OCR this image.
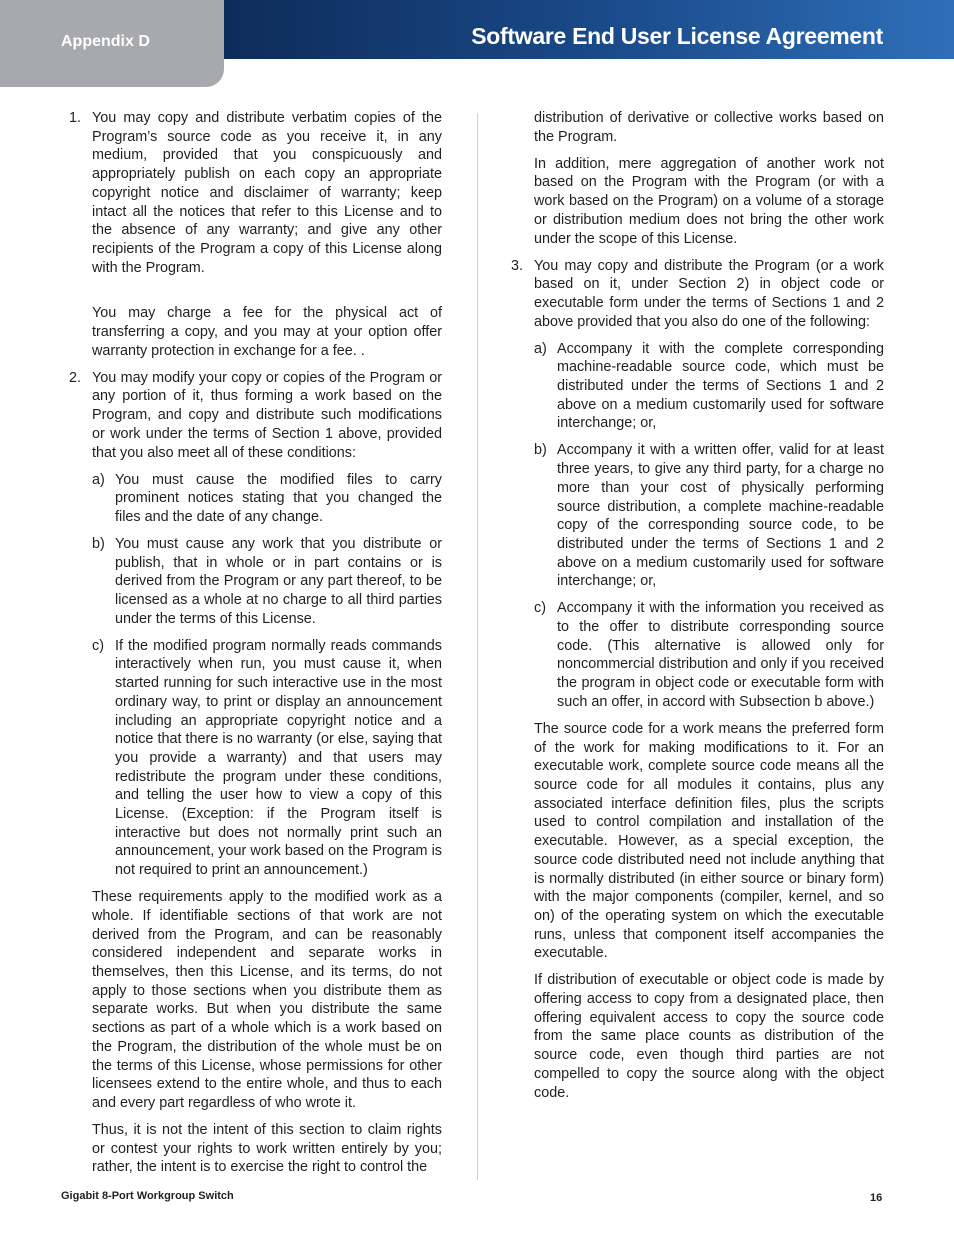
Appendix D	Software End User License Agreement
1. You may copy and distribute verbatim copies of the Program’s source code as you receive it, in any medium, provided that you conspicuously and appropriately publish on each copy an appropriate copyright notice and disclaimer of warranty; keep intact all the notices that refer to this License and to the absence of any warranty; and give any other recipients of the Program a copy of this License along with the Program.

You may charge a fee for the physical act of transferring a copy, and you may at your option offer warranty protection in exchange for a fee. .

2. You may modify your copy or copies of the Program or any portion of it, thus forming a work based on the Program, and copy and distribute such modifications or work under the terms of Section 1 above, provided that you also meet all of these conditions:

a) You must cause the modified files to carry prominent notices stating that you changed the files and the date of any change.

b) You must cause any work that you distribute or publish, that in whole or in part contains or is derived from the Program or any part thereof, to be licensed as a whole at no charge to all third parties under the terms of this License.

c) If the modified program normally reads commands interactively when run, you must cause it, when started running for such interactive use in the most ordinary way, to print or display an announcement including an appropriate copyright notice and a notice that there is no warranty (or else, saying that you provide a warranty) and that users may redistribute the program under these conditions, and telling the user how to view a copy of this License. (Exception: if the Program itself is interactive but does not normally print such an announcement, your work based on the Program is not required to print an announcement.)

These requirements apply to the modified work as a whole. If identifiable sections of that work are not derived from the Program, and can be reasonably considered independent and separate works in themselves, then this License, and its terms, do not apply to those sections when you distribute them as separate works. But when you distribute the same sections as part of a whole which is a work based on the Program, the distribution of the whole must be on the terms of this License, whose permissions for other licensees extend to the entire whole, and thus to each and every part regardless of who wrote it.

Thus, it is not the intent of this section to claim rights or contest your rights to work written entirely by you; rather, the intent is to exercise the right to control the

distribution of derivative or collective works based on the Program.

In addition, mere aggregation of another work not based on the Program with the Program (or with a work based on the Program) on a volume of a storage or distribution medium does not bring the other work under the scope of this License.

3. You may copy and distribute the Program (or a work based on it, under Section 2) in object code or executable form under the terms of Sections 1 and 2 above provided that you also do one of the following:

a) Accompany it with the complete corresponding machine-readable source code, which must be distributed under the terms of Sections 1 and 2 above on a medium customarily used for software interchange; or,

b) Accompany it with a written offer, valid for at least three years, to give any third party, for a charge no more than your cost of physically performing source distribution, a complete machine-readable copy of the corresponding source code, to be distributed under the terms of Sections 1 and 2 above on a medium customarily used for software interchange; or,

c) Accompany it with the information you received as to the offer to distribute corresponding source code. (This alternative is allowed only for noncommercial distribution and only if you received the program in object code or executable form with such an offer, in accord with Subsection b above.)

The source code for a work means the preferred form of the work for making modifications to it. For an executable work, complete source code means all the source code for all modules it contains, plus any associated interface definition files, plus the scripts used to control compilation and installation of the executable. However, as a special exception, the source code distributed need not include anything that is normally distributed (in either source or binary form) with the major components (compiler, kernel, and so on) of the operating system on which the executable runs, unless that component itself accompanies the executable.

If distribution of executable or object code is made by offering access to copy from a designated place, then offering equivalent access to copy the source code from the same place counts as distribution of the source code, even though third parties are not compelled to copy the source along with the object code.

Gigabit 8-Port Workgroup Switch	16
